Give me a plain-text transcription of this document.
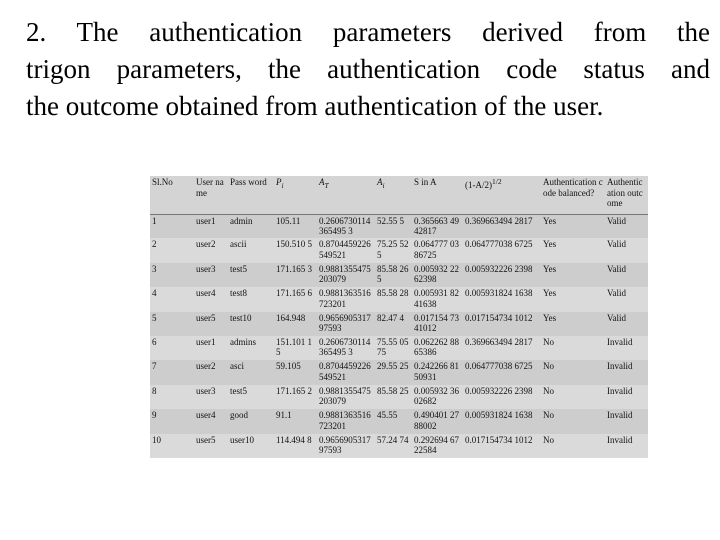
2. The authentication parameters derived from the
trigon parameters, the authentication code status and
the outcome obtained from authentication of the user.
Sl.No	User name	Pass word	$P_i$	$A_T$	$A_i$	S in A	$(1-A/2)^{1/2}$	Authentication code balanced?	Authentication outcome
1	user1	admin	105.11	0.2606730114365495 3	52.55 5	0.365663 4942817	0.369663494 2817	Yes	Valid
2	user2	ascii	150.510 5	0.8704459226549521	75.25 525	0.064777 0386725	0.064777038 6725	Yes	Valid
3	user3	test5	171.165 3	0.9881355475203079	85.58 265	0.005932 2262398	0.005932226 2398	Yes	Valid
4	user4	test8	171.165 6	0.9881363516723201	85.58 28	0.005931 8241638	0.005931824 1638	Yes	Valid
5	user5	test10	164.948	0.965690531797593	82.47 4	0.017154 7341012	0.017154734 1012	Yes	Valid
6	user1	admins	151.101 15	0.2606730114365495 3	75.55 0575	0.062262 8865386	0.369663494 2817	No	Invalid
7	user2	asci	59.105	0.8704459226549521	29.55 25	0.242266 8150931	0.064777038 6725	No	Invalid
8	user3	test5	171.165 2	0.9881355475203079	85.58 25	0.005932 3602682	0.005932226 2398	No	Invalid
9	user4	good	91.1	0.9881363516723201	45.55	0.490401 2788002	0.005931824 1638	No	Invalid
10	user5	user10	114.494 8	0.965690531797593	57.24 74	0.292694 6722584	0.017154734 1012	No	Invalid
